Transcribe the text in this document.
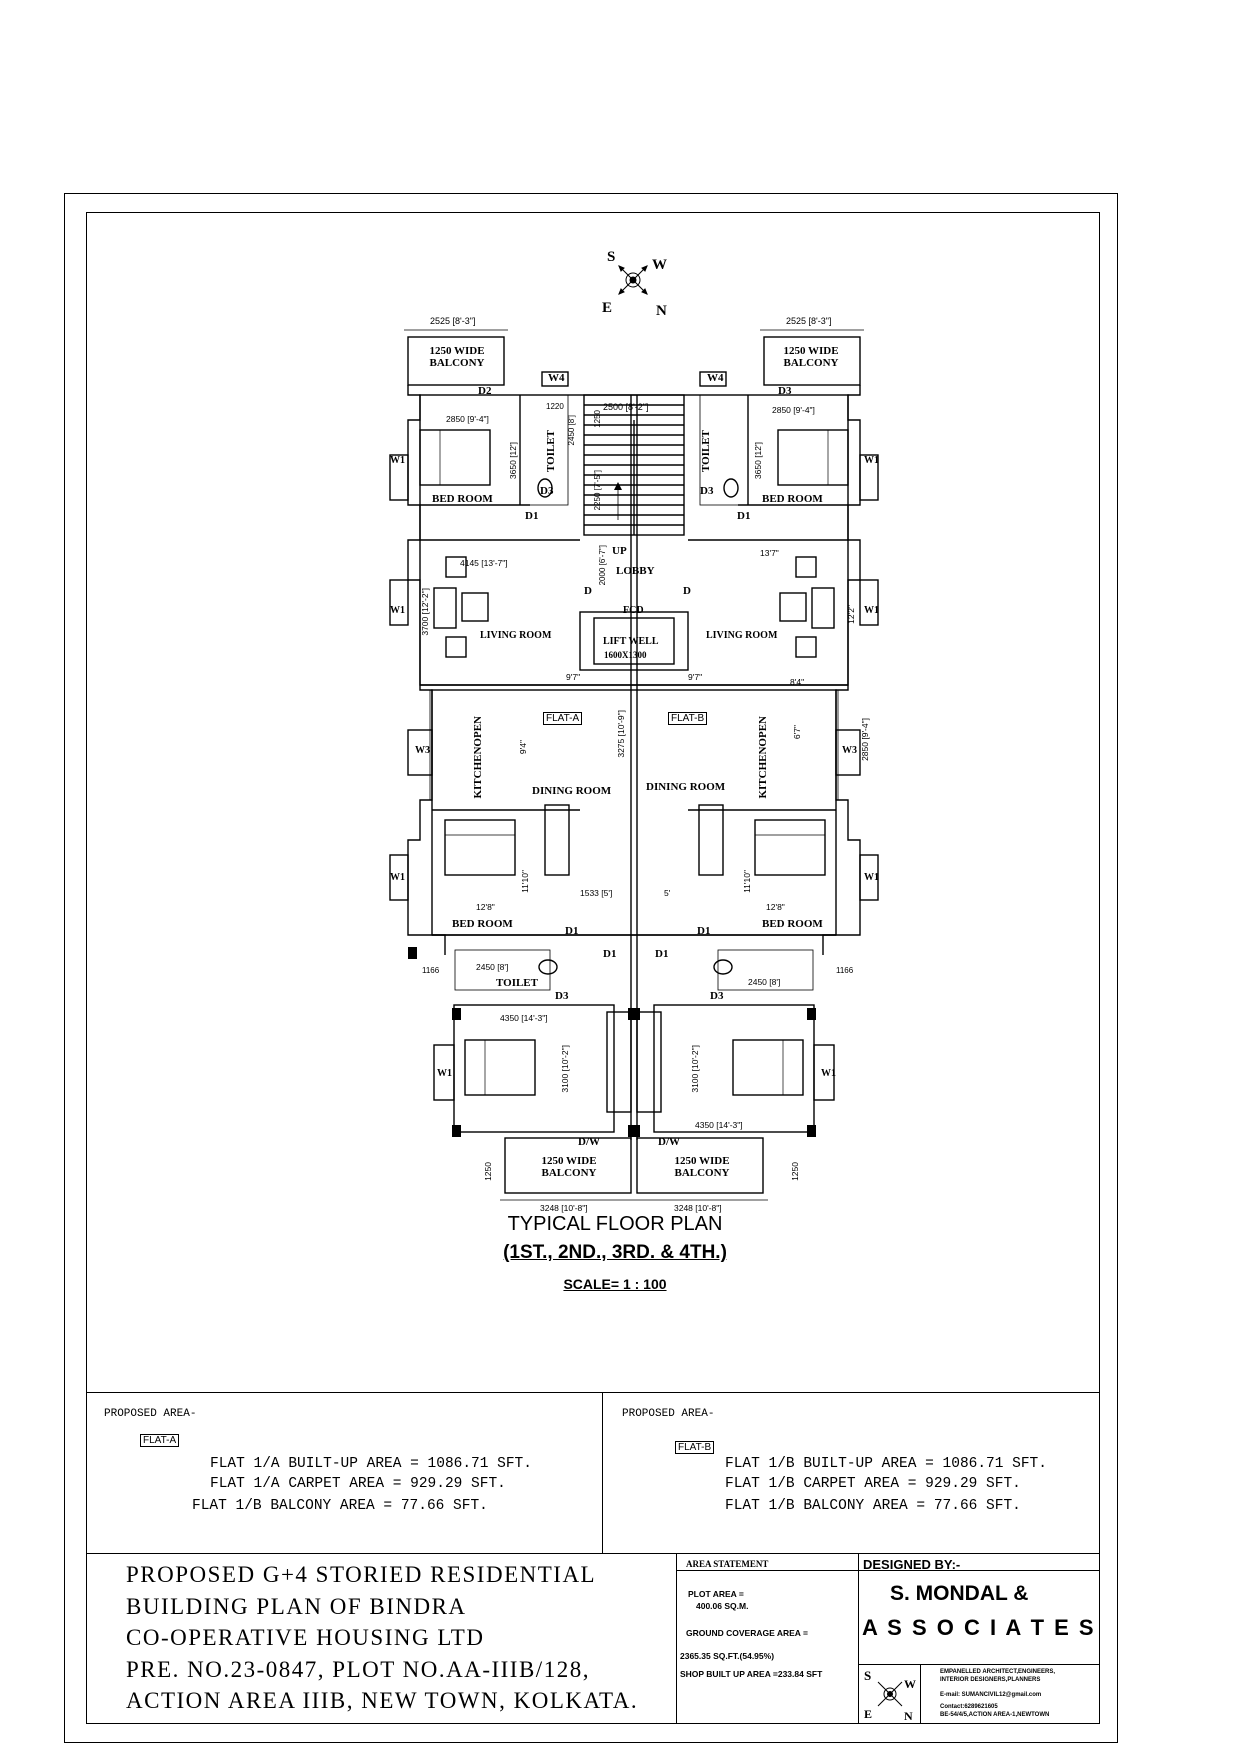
S W
E	N
2525 [8'-3"]	2525 [8'-3"]
1250 WIDE
BALCONY
1250 WIDE
BALCONY
W4	W4
D2	D3
2500 [8'-2"]
1220
2850 [9'-4"]
2850 [9'-4"]
TOILET	TOILET
2450 [8'] 1250
2250 [7'-5"]
3650 [12']	3650 [12']
W1	W1
D3	D3
BED ROOM	BED ROOM
D1	D1
UP
LOBBY
4145 [13'-7"]
13'7"
2000 [6'-7"]
D	D
3700 [12'-2"]	12'2"
W1	W1
FCD
LIFT WELL
1600X1300
LIVING ROOM	LIVING ROOM
9'7"	9'7"	8'4"
FLAT-A	FLAT-B
KITCHENOPEN
KITCHENOPEN
9'4"
6'7"
3275 [10'-9"]	2850 [9'-4"]
W3	W3
DINING ROOM	DINING ROOM
W1	W1
11'10"	11'10"
1533 [5']	5'
12'8"	12'8"
BED ROOM	BED ROOM
D1	D1
D1	D1
1166	1166
2450 [8']
2450 [8']
TOILET
D3	D3
4350 [14'-3"]
3100 [10'-2"]	3100 [10'-2"]
W1	W1
4350 [14'-3"]
D/W	D/W
1250 WIDE
BALCONY
1250 WIDE
BALCONY
1250	1250
3248 [10'-8"]	3248 [10'-8"]
TYPICAL FLOOR PLAN
(1ST., 2ND., 3RD. & 4TH.)
SCALE= 1 : 100
PROPOSED AREA-
FLAT-A
FLAT 1/A BUILT-UP AREA = 1086.71 SFT.
FLAT 1/A CARPET AREA = 929.29 SFT.
FLAT 1/B BALCONY AREA = 77.66 SFT.
PROPOSED AREA-
FLAT-B
FLAT 1/B BUILT-UP AREA = 1086.71 SFT.
FLAT 1/B CARPET AREA = 929.29 SFT.
FLAT 1/B BALCONY AREA = 77.66 SFT.
PROPOSED G+4 STORIED RESIDENTIAL
BUILDING PLAN OF BINDRA
CO-OPERATIVE HOUSING LTD
PRE. NO.23-0847, PLOT NO.AA-IIIB/128,
ACTION AREA IIIB, NEW TOWN, KOLKATA.
AREA STATEMENT
PLOT AREA =
400.06 SQ.M.
GROUND COVERAGE AREA =
2365.35 SQ.FT.(54.95%)
SHOP BUILT UP AREA =233.84 SFT
DESIGNED BY:-
S. MONDAL &
A S S O C I A T E S
S
W
E	N
EMPANELLED ARCHITECT,ENGINEERS,
INTERIOR DESIGNERS,PLANNERS
E-mail: SUMANCIVIL12@gmail.com
Contact:6289621605
BE-54/4/5,ACTION AREA-1,NEWTOWN
